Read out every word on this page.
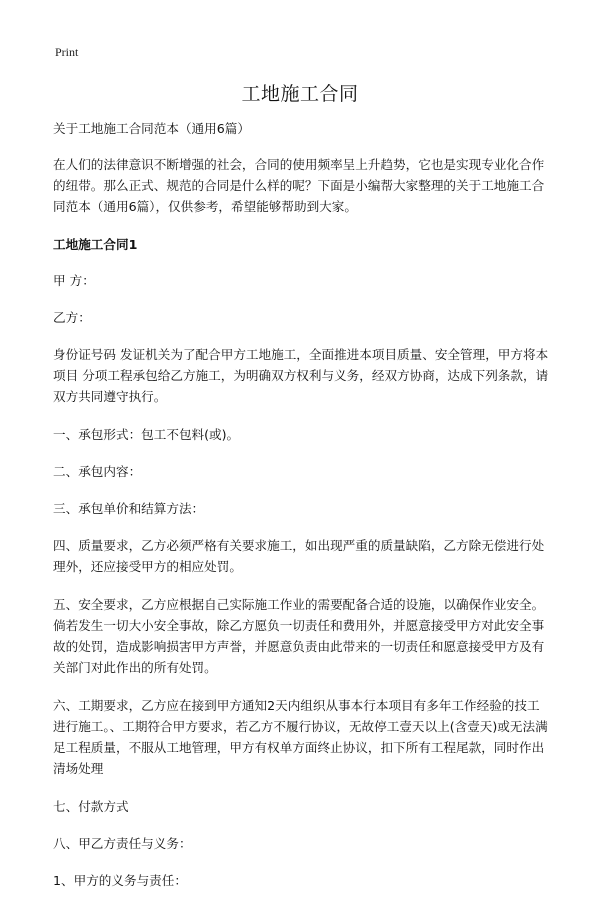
Print
工地施工合同

关于工地施工合同范本（通用6篇）

在人们的法律意识不断增强的社会，合同的使用频率呈上升趋势，它也是实现专业化合作的纽带。那么正式、规范的合同是什么样的呢？下面是小编帮大家整理的关于工地施工合同范本（通用6篇），仅供参考，希望能够帮助到大家。

工地施工合同1

甲 方：

乙方：

身份证号码 发证机关为了配合甲方工地施工，全面推进本项目质量、安全管理，甲方将本项目 分项工程承包给乙方施工，为明确双方权利与义务，经双方协商，达成下列条款，请双方共同遵守执行。

一、承包形式：包工不包料(或)。

二、承包内容：

三、承包单价和结算方法：

四、质量要求，乙方必须严格有关要求施工，如出现严重的质量缺陷，乙方除无偿进行处理外，还应接受甲方的相应处罚。

五、安全要求，乙方应根据自己实际施工作业的需要配备合适的设施，以确保作业安全。倘若发生一切大小安全事故，除乙方愿负一切责任和费用外，并愿意接受甲方对此安全事故的处罚，造成影响损害甲方声誉，并愿意负责由此带来的一切责任和愿意接受甲方及有关部门对此作出的所有处罚。

六、工期要求，乙方应在接到甲方通知2天内组织从事本行本项目有多年工作经验的技工进行施工。、工期符合甲方要求，若乙方不履行协议，无故停工壹天以上(含壹天)或无法满足工程质量，不服从工地管理，甲方有权单方面终止协议，扣下所有工程尾款，同时作出清场处理

七、付款方式

八、甲乙方责任与义务：

1、甲方的义务与责任：
